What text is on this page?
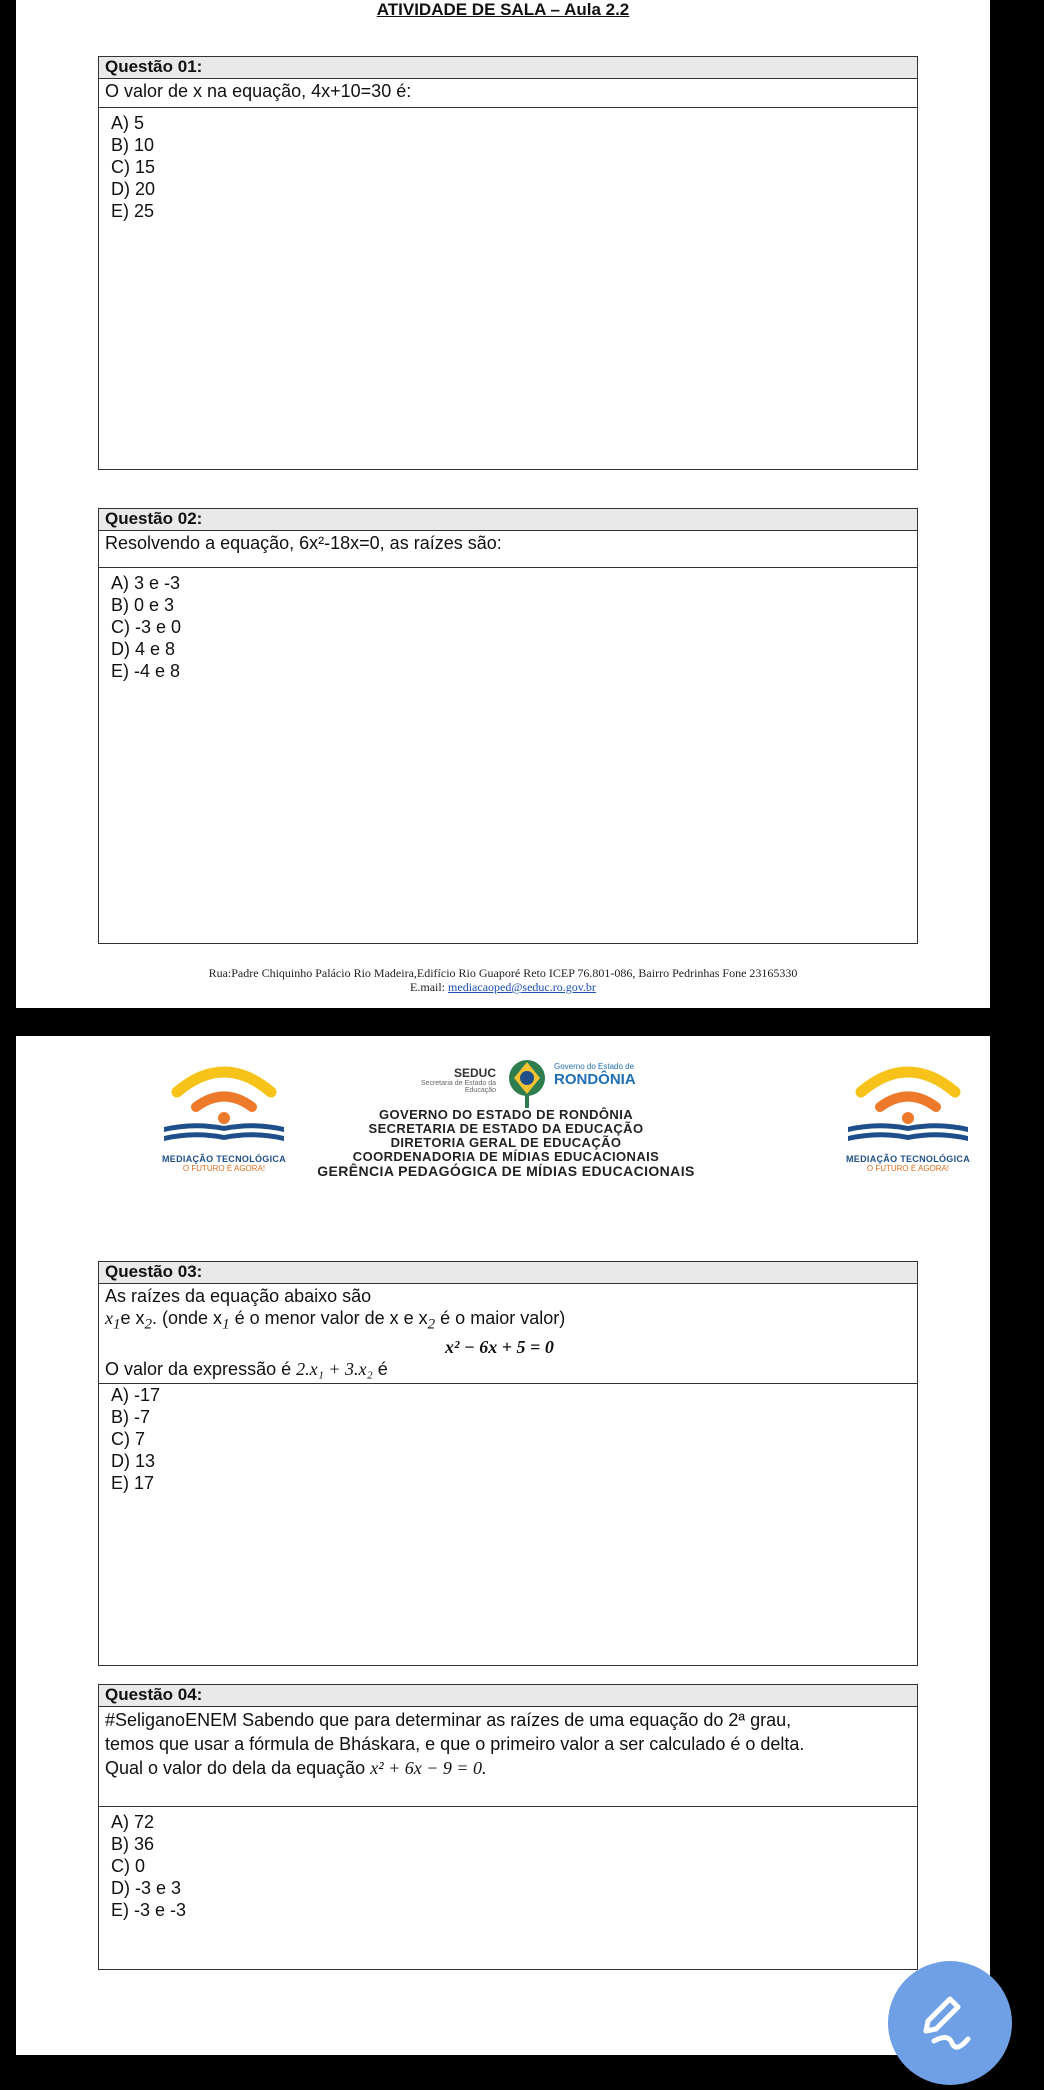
ATIVIDADE DE SALA – Aula 2.2
Questão 01:
O valor de x na equação, 4x+10=30 é:
A) 5
B) 10
C) 15
D) 20
E) 25
Questão 02:
Resolvendo a equação, 6x²-18x=0, as raízes são:
A) 3 e -3
B) 0 e 3
C) -3 e 0
D) 4 e 8
E) -4 e 8
Rua:Padre Chiquinho Palácio Rio Madeira,Edifício Rio Guaporé Reto ICEP 76.801-086, Bairro Pedrinhas Fone 23165330
E.mail: mediacaoped@seduc.ro.gov.br
MEDIAÇÃO TECNOLÓGICA
O FUTURO É AGORA!
MEDIAÇÃO TECNOLÓGICA
O FUTURO É AGORA!
SEDUC
Secretaria de Estado da
Educação
Governo do Estado de
RONDÔNIA
GOVERNO DO ESTADO DE RONDÔNIA
SECRETARIA DE ESTADO DA EDUCAÇÃO
DIRETORIA GERAL DE EDUCAÇÃO
COORDENADORIA DE MÍDIAS EDUCACIONAIS
GERÊNCIA PEDAGÓGICA DE MÍDIAS EDUCACIONAIS
Questão 03:
As raízes da equação abaixo são
$x_1e$ $x_2$. (onde $x_1$ é o menor valor de x e $x_2$ é o maior valor)
x² − 6x + 5 = 0
O valor da expressão é 2.x₁ + 3.x₂ é
A) -17
B) -7
C) 7
D) 13
E) 17
Questão 04:
#SeliganoENEM Sabendo que para determinar as raízes de uma equação do 2ª grau,
temos que usar a fórmula de Bháskara, e que o primeiro valor a ser calculado é o delta.
Qual o valor do dela da equação x² + 6x − 9 = 0.
A) 72
B) 36
C) 0
D) -3 e 3
E) -3 e -3
